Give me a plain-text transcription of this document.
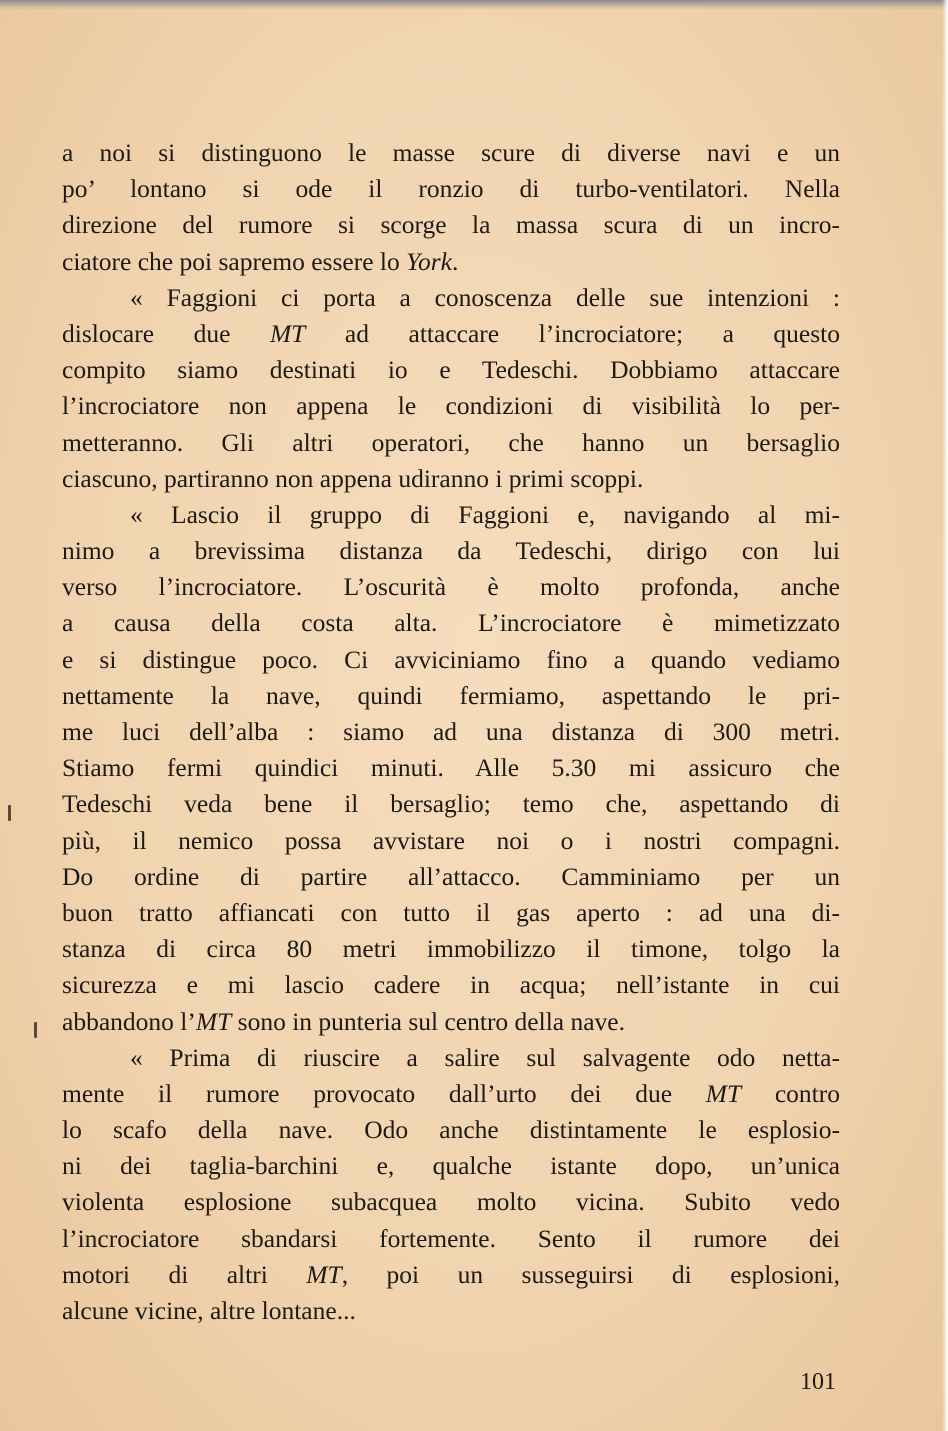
a noi si distinguono le masse scure di diverse navi e un
po’ lontano si ode il ronzio di turbo-ventilatori. Nella
direzione del rumore si scorge la massa scura di un incro-
ciatore che poi sapremo essere lo York.
« Faggioni ci porta a conoscenza delle sue intenzioni :
dislocare due MT ad attaccare l’incrociatore; a questo
compito siamo destinati io e Tedeschi. Dobbiamo attaccare
l’incrociatore non appena le condizioni di visibilità lo per-
metteranno. Gli altri operatori, che hanno un bersaglio
ciascuno, partiranno non appena udiranno i primi scoppi.
« Lascio il gruppo di Faggioni e, navigando al mi-
nimo a brevissima distanza da Tedeschi, dirigo con lui
verso l’incrociatore. L’oscurità è molto profonda, anche
a causa della costa alta. L’incrociatore è mimetizzato
e si distingue poco. Ci avviciniamo fino a quando vediamo
nettamente la nave, quindi fermiamo, aspettando le pri-
me luci dell’alba : siamo ad una distanza di 300 metri.
Stiamo fermi quindici minuti. Alle 5.30 mi assicuro che
Tedeschi veda bene il bersaglio; temo che, aspettando di
più, il nemico possa avvistare noi o i nostri compagni.
Do ordine di partire all’attacco. Camminiamo per un
buon tratto affiancati con tutto il gas aperto : ad una di-
stanza di circa 80 metri immobilizzo il timone, tolgo la
sicurezza e mi lascio cadere in acqua; nell’istante in cui
abbandono l’MT sono in punteria sul centro della nave.
« Prima di riuscire a salire sul salvagente odo netta-
mente il rumore provocato dall’urto dei due MT contro
lo scafo della nave. Odo anche distintamente le esplosio-
ni dei taglia-barchini e, qualche istante dopo, un’unica
violenta esplosione subacquea molto vicina. Subito vedo
l’incrociatore sbandarsi fortemente. Sento il rumore dei
motori di altri MT, poi un susseguirsi di esplosioni,
alcune vicine, altre lontane...
101
